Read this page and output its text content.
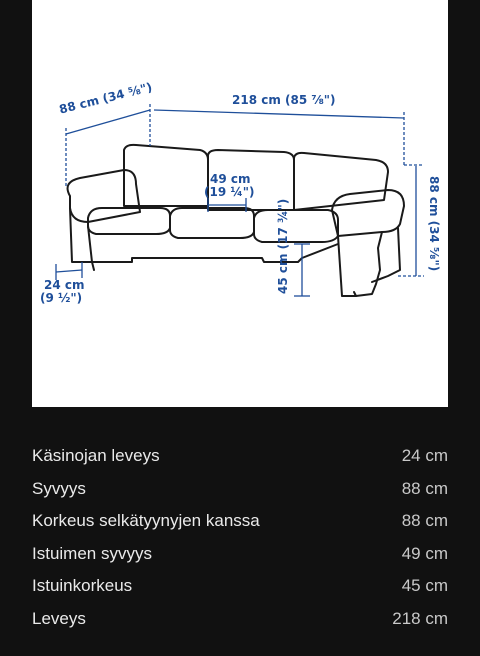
88 cm (34 ⅝")	218 cm (85 ⅞")
88 cm (34 ⅝")
49 cm
(19 ¼")
24 cm
(9 ½")
45 cm (17 ¾")
Käsinojan leveys	24 cm
Syvyys	88 cm
Korkeus selkätyynyjen kanssa	88 cm
Istuimen syvyys	49 cm
Istuinkorkeus	45 cm
Leveys	218 cm
